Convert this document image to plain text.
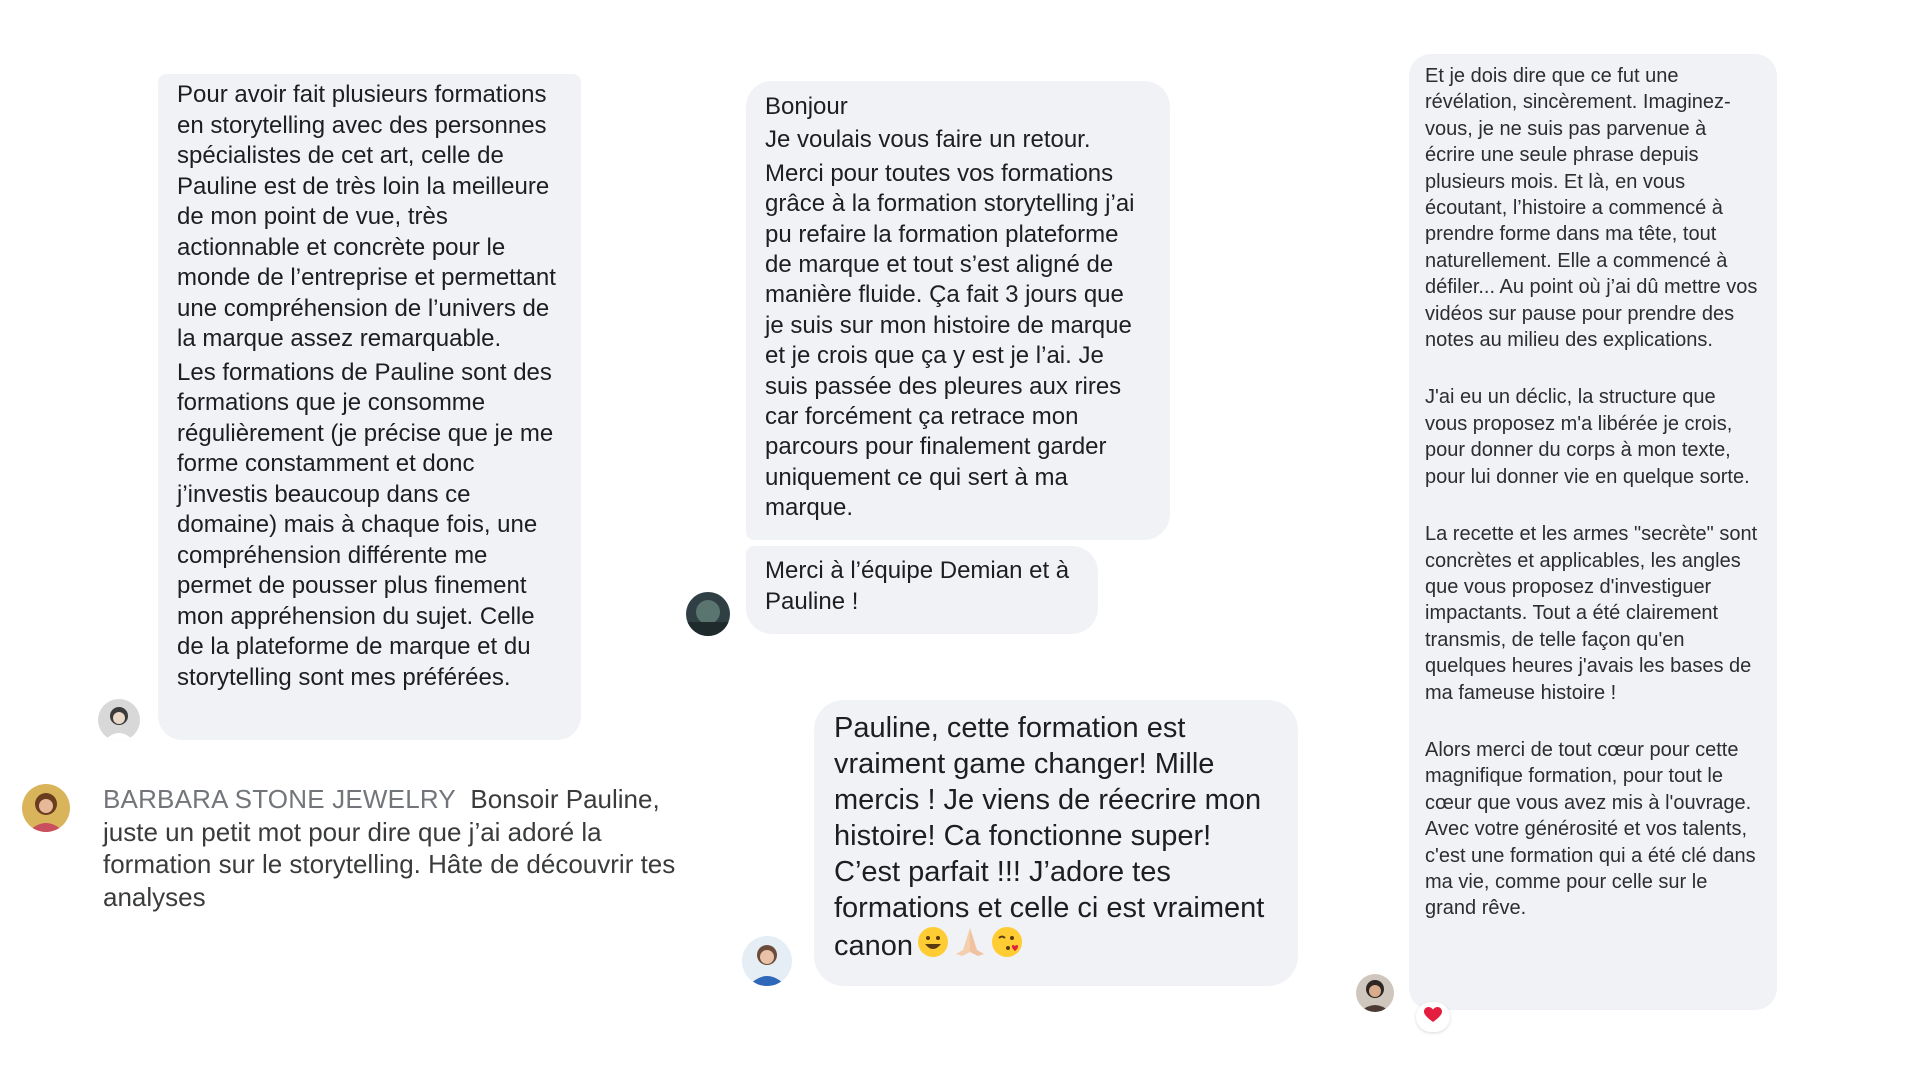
Pour avoir fait plusieurs formations en storytelling avec des personnes spécialistes de cet art, celle de Pauline est de très loin la meilleure de mon point de vue, très actionnable et concrète pour le monde de l’entreprise et permettant une compréhension de l’univers de la marque assez remarquable.

Les formations de Pauline sont des formations que je consomme régulièrement (je précise que je me forme constamment et donc j’investis beaucoup dans ce domaine) mais à chaque fois, une compréhension différente me permet de pousser plus finement mon appréhension du sujet. Celle de la plateforme de marque et du storytelling sont mes préférées.

BARBARA STONE JEWELRY Bonsoir Pauline, juste un petit mot pour dire que j’ai adoré la formation sur le storytelling. Hâte de découvrir tes analyses

Bonjour

Je voulais vous faire un retour.

Merci pour toutes vos formations grâce à la formation storytelling j’ai pu refaire la formation plateforme de marque et tout s’est aligné de manière fluide. Ça fait 3 jours que je suis sur mon histoire de marque et je crois que ça y est je l’ai. Je suis passée des pleures aux rires car forcément ça retrace mon parcours pour finalement garder uniquement ce qui sert à ma marque.

Merci à l’équipe Demian et à Pauline !

Pauline, cette formation est vraiment game changer! Mille mercis ! Je viens de réecrire mon histoire! Ca fonctionne super! C’est parfait !!! J’adore tes formations et celle ci est vraiment canon

Et je dois dire que ce fut une révélation, sincèrement. Imaginez-vous, je ne suis pas parvenue à écrire une seule phrase depuis plusieurs mois. Et là, en vous écoutant, l’histoire a commencé à prendre forme dans ma tête, tout naturellement. Elle a commencé à défiler... Au point où j’ai dû mettre vos vidéos sur pause pour prendre des notes au milieu des explications.

J'ai eu un déclic, la structure que vous proposez m'a libérée je crois, pour donner du corps à mon texte, pour lui donner vie en quelque sorte.

La recette et les armes "secrète" sont concrètes et applicables, les angles que vous proposez d'investiguer impactants. Tout a été clairement transmis, de telle façon qu'en quelques heures j'avais les bases de ma fameuse histoire !

Alors merci de tout cœur pour cette magnifique formation, pour tout le cœur que vous avez mis à l'ouvrage. Avec votre générosité et vos talents, c'est une formation qui a été clé dans ma vie, comme pour celle sur le grand rêve.
